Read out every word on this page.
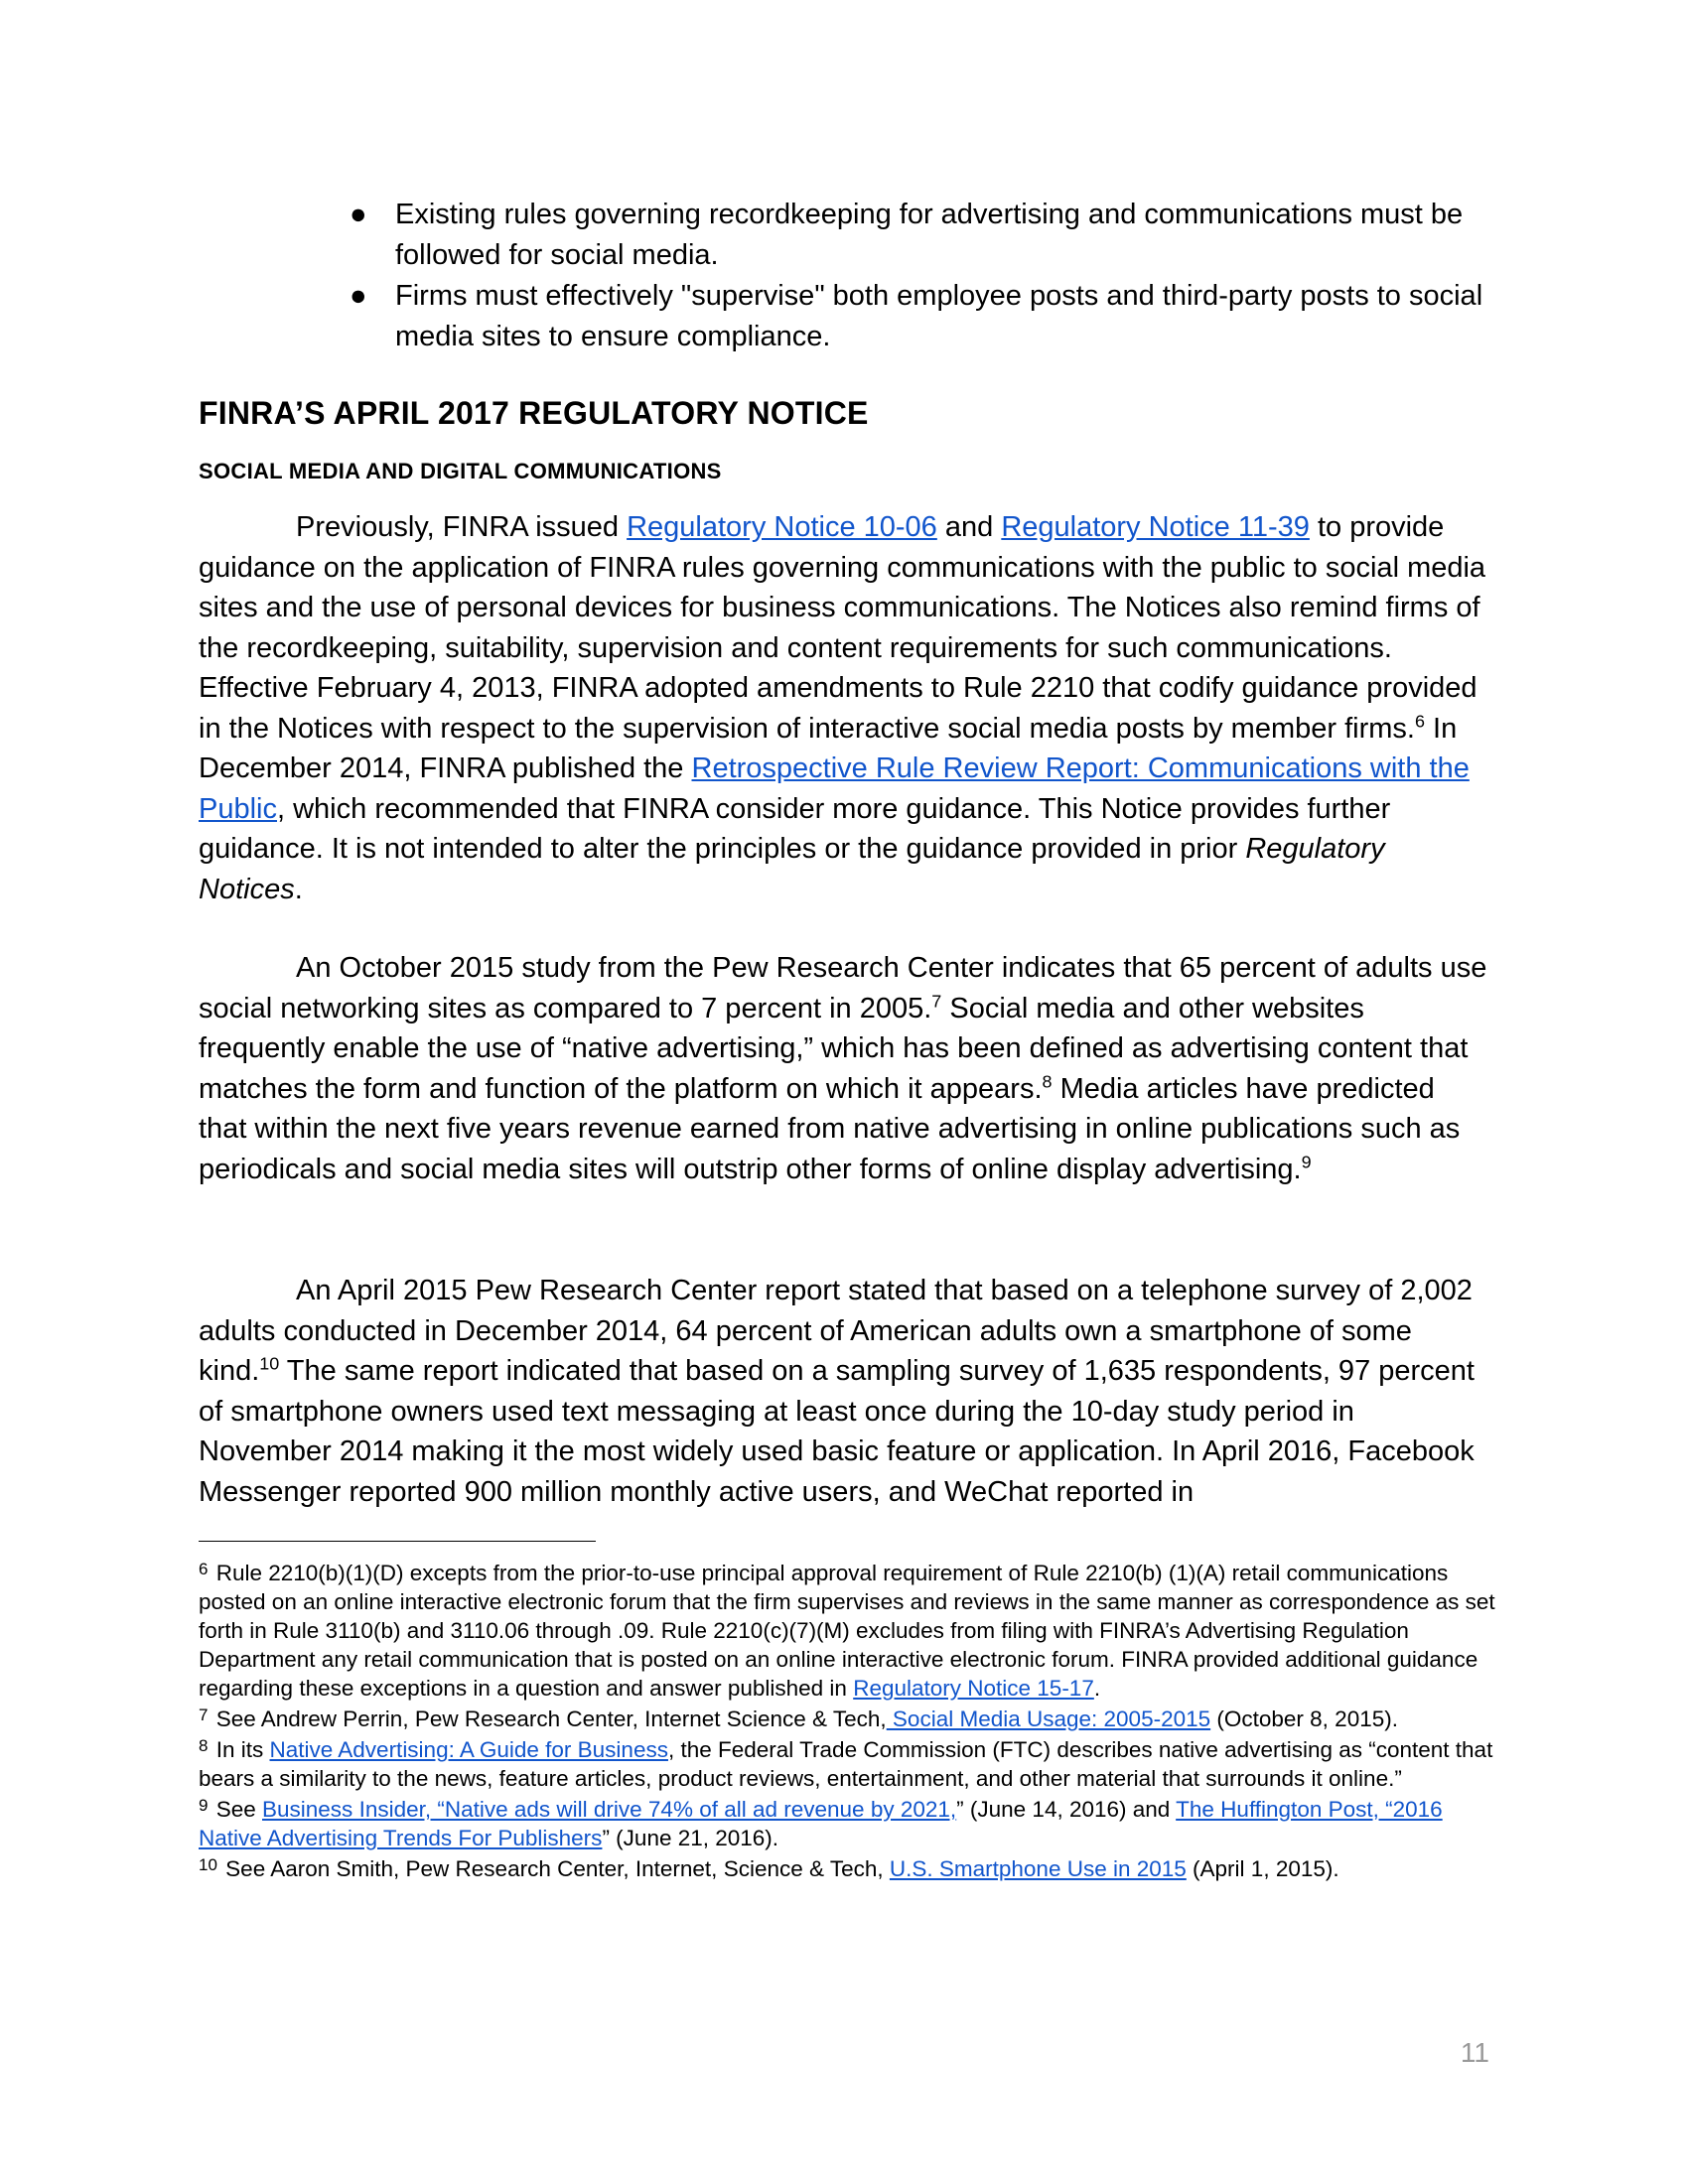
● Existing rules governing recordkeeping for advertising and communications must be followed for social media.
● Firms must effectively "supervise" both employee posts and third-party posts to social media sites to ensure compliance.
FINRA’S APRIL 2017 REGULATORY NOTICE
SOCIAL MEDIA AND DIGITAL COMMUNICATIONS

Previously, FINRA issued Regulatory Notice 10-06 and Regulatory Notice 11-39 to provide guidance on the application of FINRA rules governing communications with the public to social media sites and the use of personal devices for business communications. The Notices also remind firms of the recordkeeping, suitability, supervision and content requirements for such communications. Effective February 4, 2013, FINRA adopted amendments to Rule 2210 that codify guidance provided in the Notices with respect to the supervision of interactive social media posts by member firms.$^6$ In December 2014, FINRA published the Retrospective Rule Review Report: Communications with the Public, which recommended that FINRA consider more guidance. This Notice provides further guidance. It is not intended to alter the principles or the guidance provided in prior Regulatory Notices.

An October 2015 study from the Pew Research Center indicates that 65 percent of adults use social networking sites as compared to 7 percent in 2005.$^7$ Social media and other websites frequently enable the use of “native advertising,” which has been defined as advertising content that matches the form and function of the platform on which it appears.$^8$ Media articles have predicted that within the next five years revenue earned from native advertising in online publications such as periodicals and social media sites will outstrip other forms of online display advertising.$^9$

An April 2015 Pew Research Center report stated that based on a telephone survey of 2,002 adults conducted in December 2014, 64 percent of American adults own a smartphone of some kind.$^{10}$ The same report indicated that based on a sampling survey of 1,635 respondents, 97 percent of smartphone owners used text messaging at least once during the 10-day study period in November 2014 making it the most widely used basic feature or application. In April 2016, Facebook Messenger reported 900 million monthly active users, and WeChat reported in

$^6$ Rule 2210(b)(1)(D) excepts from the prior-to-use principal approval requirement of Rule 2210(b) (1)(A) retail communications posted on an online interactive electronic forum that the firm supervises and reviews in the same manner as correspondence as set forth in Rule 3110(b) and 3110.06 through .09. Rule 2210(c)(7)(M) excludes from filing with FINRA’s Advertising Regulation Department any retail communication that is posted on an online interactive electronic forum. FINRA provided additional guidance regarding these exceptions in a question and answer published in Regulatory Notice 15-17.

$^7$ See Andrew Perrin, Pew Research Center, Internet Science & Tech, Social Media Usage: 2005-2015 (October 8, 2015).

$^8$ In its Native Advertising: A Guide for Business, the Federal Trade Commission (FTC) describes native advertising as “content that bears a similarity to the news, feature articles, product reviews, entertainment, and other material that surrounds it online.”

$^9$ See Business Insider, “Native ads will drive 74% of all ad revenue by 2021,” (June 14, 2016) and The Huffington Post, “2016 Native Advertising Trends For Publishers” (June 21, 2016).

$^{10}$ See Aaron Smith, Pew Research Center, Internet, Science & Tech, U.S. Smartphone Use in 2015 (April 1, 2015).

11
